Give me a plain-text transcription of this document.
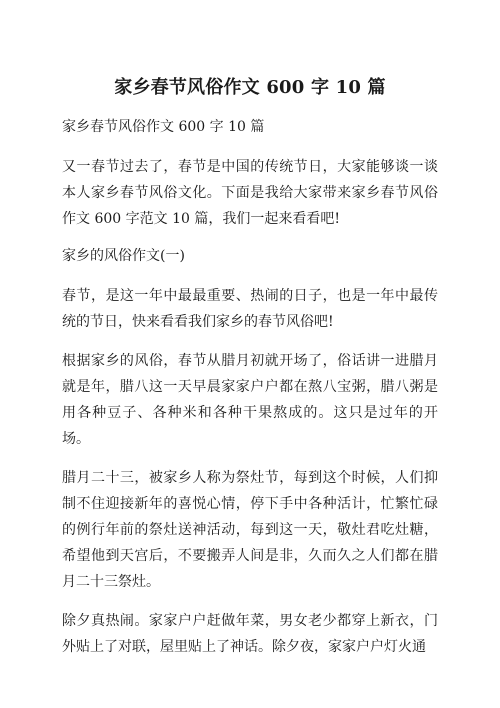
家乡春节风俗作文 600 字 10 篇
家乡春节风俗作文 600 字 10 篇
又一春节过去了，春节是中国的传统节日，大家能够谈一谈本人家乡春节风俗文化。下面是我给大家带来家乡春节风俗作文 600 字范文 10 篇，我们一起来看看吧!
家乡的风俗作文(一)
春节，是这一年中最最重要、热闹的日子，也是一年中最传统的节日，快来看看我们家乡的春节风俗吧!
根据家乡的风俗，春节从腊月初就开场了，俗话讲一进腊月就是年，腊八这一天早晨家家户户都在熬八宝粥，腊八粥是用各种豆子、各种米和各种干果熬成的。这只是过年的开场。
腊月二十三，被家乡人称为祭灶节，每到这个时候，人们抑制不住迎接新年的喜悦心情，停下手中各种活计，忙繁忙碌的例行年前的祭灶送神活动，每到这一天，敬灶君吃灶糖，希望他到天宫后，不要搬弄人间是非，久而久之人们都在腊月二十三祭灶。
除夕真热闹。家家户户赶做年菜，男女老少都穿上新衣，门外贴上了对联，屋里贴上了神话。除夕夜，家家户户灯火通
